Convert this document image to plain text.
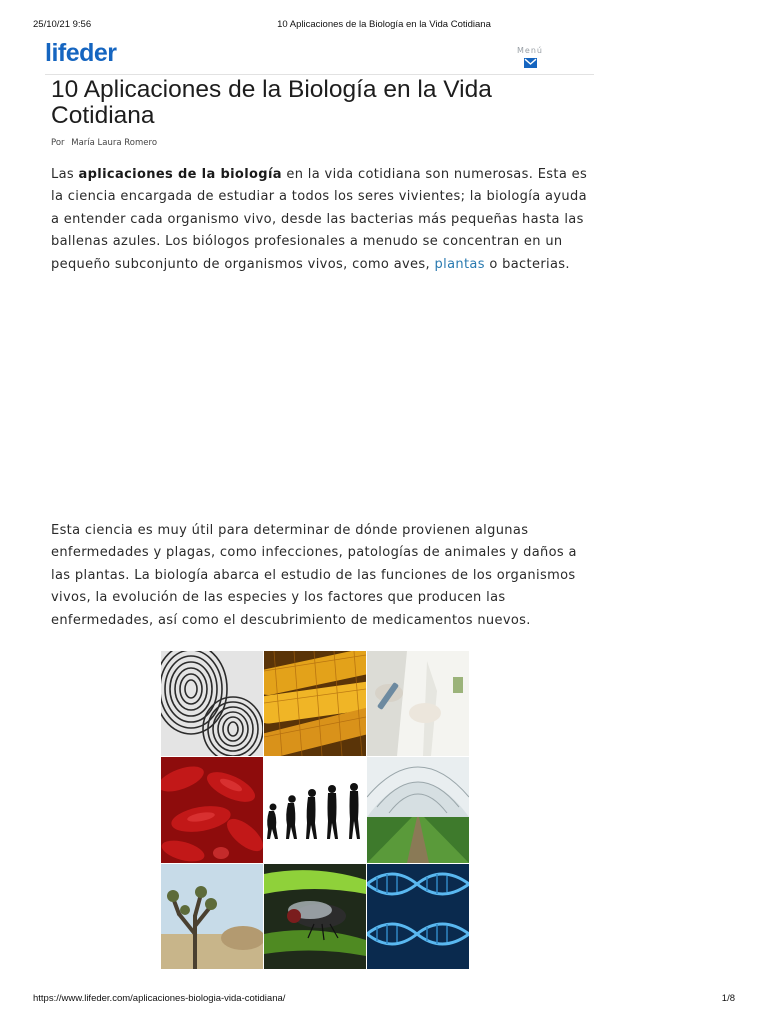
25/10/21 9:56	10 Aplicaciones de la Biología en la Vida Cotidiana
lifeder	Menú
10 Aplicaciones de la Biología en la Vida Cotidiana
Por María Laura Romero

Las aplicaciones de la biología en la vida cotidiana son numerosas. Esta es la ciencia encargada de estudiar a todos los seres vivientes; la biología ayuda a entender cada organismo vivo, desde las bacterias más pequeñas hasta las ballenas azules. Los biólogos profesionales a menudo se concentran en un pequeño subconjunto de organismos vivos, como aves, plantas o bacterias.

Esta ciencia es muy útil para determinar de dónde provienen algunas enfermedades y plagas, como infecciones, patologías de animales y daños a las plantas. La biología abarca el estudio de las funciones de los organismos vivos, la evolución de las especies y los factores que producen las enfermedades, así como el descubrimiento de medicamentos nuevos.

https://www.lifeder.com/aplicaciones-biologia-vida-cotidiana/	1/8
